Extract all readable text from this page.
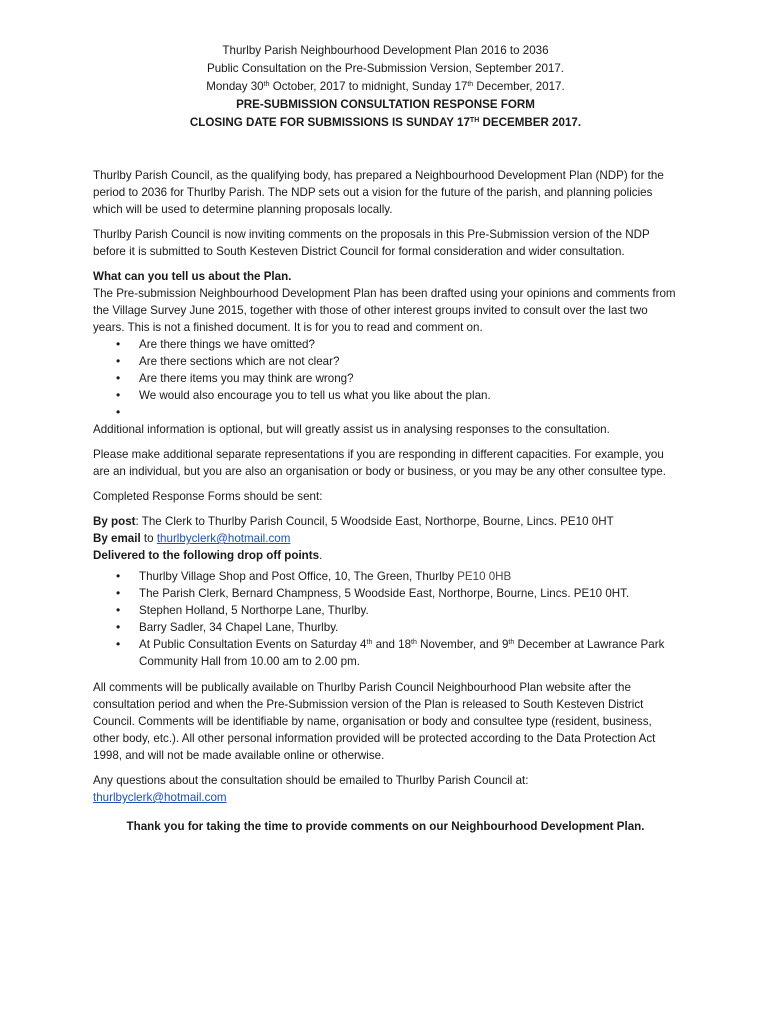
Thurlby Parish Neighbourhood Development Plan 2016 to 2036
Public Consultation on the Pre-Submission Version, September 2017.
Monday 30th October, 2017 to midnight, Sunday 17th December, 2017.
PRE-SUBMISSION CONSULTATION RESPONSE FORM
CLOSING DATE FOR SUBMISSIONS IS SUNDAY 17TH DECEMBER 2017.

Thurlby Parish Council, as the qualifying body, has prepared a Neighbourhood Development Plan (NDP) for the period to 2036 for Thurlby Parish. The NDP sets out a vision for the future of the parish, and planning policies which will be used to determine planning proposals locally.

Thurlby Parish Council is now inviting comments on the proposals in this Pre-Submission version of the NDP before it is submitted to South Kesteven District Council for formal consideration and wider consultation.

What can you tell us about the Plan.

The Pre-submission Neighbourhood Development Plan has been drafted using your opinions and comments from the Village Survey June 2015, together with those of other interest groups invited to consult over the last two years. This is not a finished document. It is for you to read and comment on.

• Are there things we have omitted?
• Are there sections which are not clear?
• Are there items you may think are wrong?
• We would also encourage you to tell us what you like about the plan.
•

Additional information is optional, but will greatly assist us in analysing responses to the consultation.

Please make additional separate representations if you are responding in different capacities. For example, you are an individual, but you are also an organisation or body or business, or you may be any other consultee type.

Completed Response Forms should be sent:

By post: The Clerk to Thurlby Parish Council, 5 Woodside East, Northorpe, Bourne, Lincs. PE10 0HT

By email to thurlbyclerk@hotmail.com

Delivered to the following drop off points.

• Thurlby Village Shop and Post Office, 10, The Green, Thurlby PE10 0HB
• The Parish Clerk, Bernard Champness, 5 Woodside East, Northorpe, Bourne, Lincs. PE10 0HT.
• Stephen Holland, 5 Northorpe Lane, Thurlby.
• Barry Sadler, 34 Chapel Lane, Thurlby.
• At Public Consultation Events on Saturday 4th and 18th November, and 9th December at Lawrance Park Community Hall from 10.00 am to 2.00 pm.

All comments will be publically available on Thurlby Parish Council Neighbourhood Plan website after the consultation period and when the Pre-Submission version of the Plan is released to South Kesteven District Council. Comments will be identifiable by name, organisation or body and consultee type (resident, business, other body, etc.). All other personal information provided will be protected according to the Data Protection Act 1998, and will not be made available online or otherwise.

Any questions about the consultation should be emailed to Thurlby Parish Council at:

thurlbyclerk@hotmail.com

Thank you for taking the time to provide comments on our Neighbourhood Development Plan.
